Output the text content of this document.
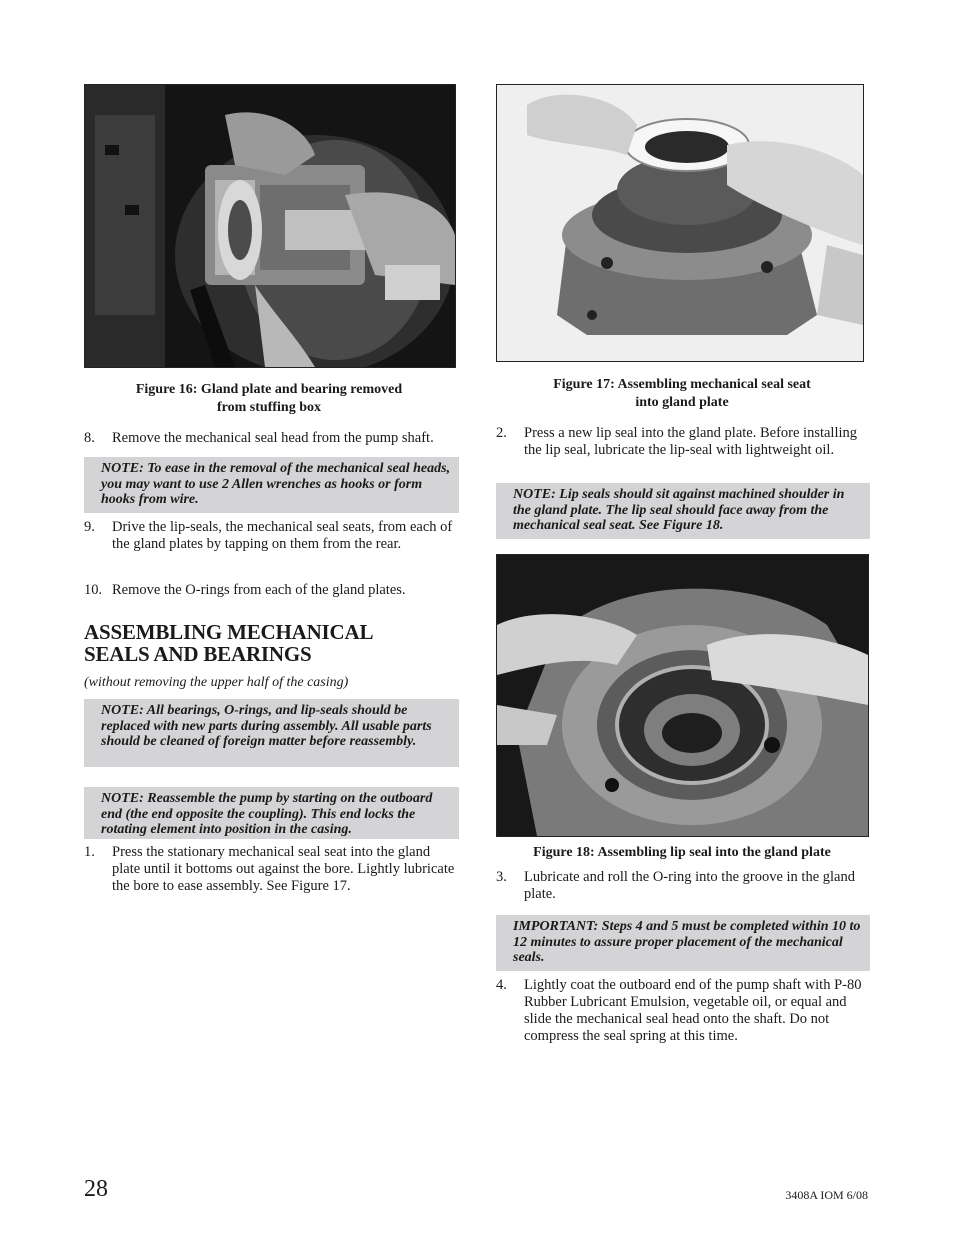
Figure 16: Gland plate and bearing removed
from stuffing box
8. Remove the mechanical seal head from the pump shaft.
NOTE: To ease in the removal of the mechanical seal heads, you may want to use 2 Allen wrenches as hooks or form hooks from wire.
9. Drive the lip-seals, the mechanical seal seats, from each of the gland plates by tapping on them from the rear.
10. Remove the O-rings from each of the gland plates.
ASSEMBLING MECHANICAL
SEALS AND BEARINGS
(without removing the upper half of the casing)
NOTE: All bearings, O-rings, and lip-seals should be replaced with new parts during assembly. All usable parts should be cleaned of foreign matter before reassembly.
NOTE: Reassemble the pump by starting on the outboard end (the end opposite the coupling). This end locks the rotating element into position in the casing.
1. Press the stationary mechanical seal seat into the gland plate until it bottoms out against the bore. Lightly lubricate the bore to ease assembly. See Figure 17.
Figure 17: Assembling mechanical seal seat
into gland plate
2. Press a new lip seal into the gland plate. Before installing the lip seal, lubricate the lip-seal with lightweight oil.
NOTE: Lip seals should sit against machined shoulder in the gland plate. The lip seal should face away from the mechanical seal seat. See Figure 18.
Figure 18: Assembling lip seal into the gland plate
3. Lubricate and roll the O-ring into the groove in the gland plate.
IMPORTANT: Steps 4 and 5 must be completed within 10 to 12 minutes to assure proper placement of the mechanical seals.
4. Lightly coat the outboard end of the pump shaft with P-80 Rubber Lubricant Emulsion, vegetable oil, or equal and slide the mechanical seal head onto the shaft. Do not compress the seal spring at this time.
28	3408A IOM 6/08
